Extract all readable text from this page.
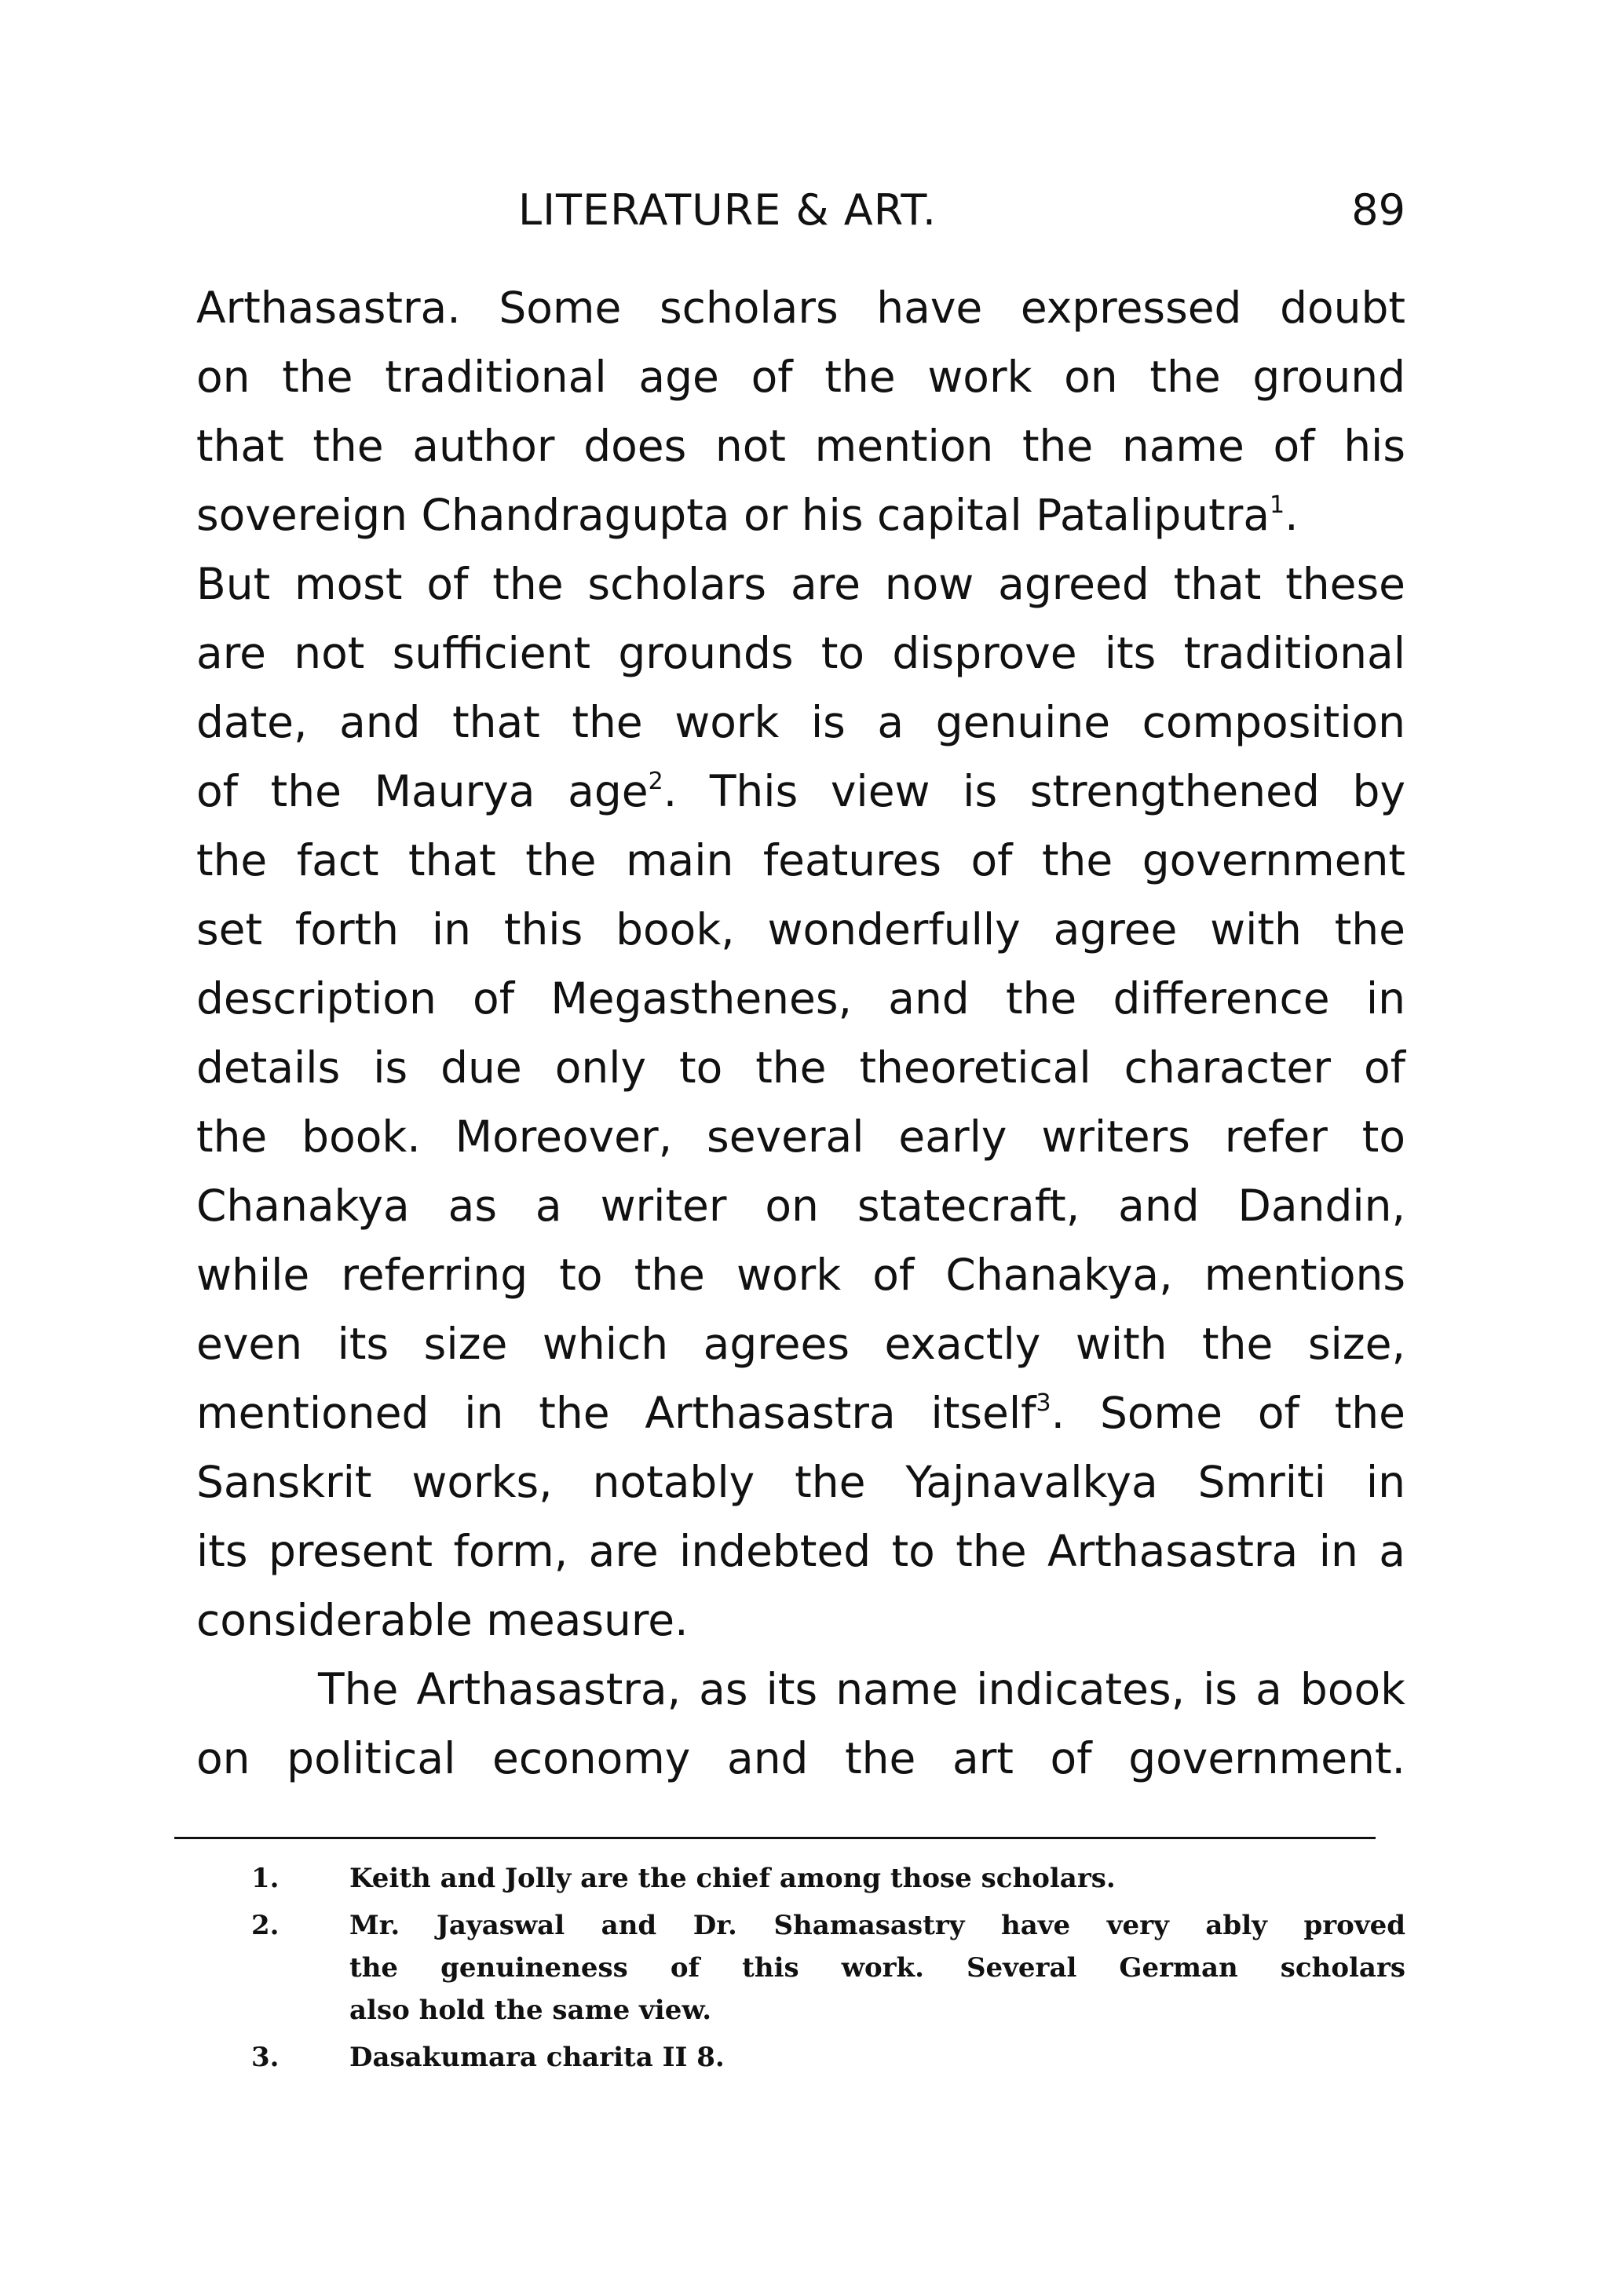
LITERATURE & ART.	89
Arthasastra. Some scholars have expressed doubt
on the traditional age of the work on the ground
that the author does not mention the name of his
sovereign Chandragupta or his capital Pataliputra$^1$.
But most of the scholars are now agreed that these
are not sufficient grounds to disprove its traditional
date, and that the work is a genuine composition
of the Maurya age$^2$. This view is strengthened by
the fact that the main features of the government
set forth in this book, wonderfully agree with the
description of Megasthenes, and the difference in
details is due only to the theoretical character of
the book. Moreover, several early writers refer to
Chanakya as a writer on statecraft, and Dandin,
while referring to the work of Chanakya, mentions
even its size which agrees exactly with the size,
mentioned in the Arthasastra itself$^3$. Some of the
Sanskrit works, notably the Yajnavalkya Smriti in
its present form, are indebted to the Arthasastra in a
considerable measure.
The Arthasastra, as its name indicates, is a book
on political economy and the art of government.
1.	Keith and Jolly are the chief among those scholars.
2.	Mr. Jayaswal and Dr. Shamasastry have very ably proved
the genuineness of this work. Several German scholars
also hold the same view.
3.	Dasakumara charita II 8.
